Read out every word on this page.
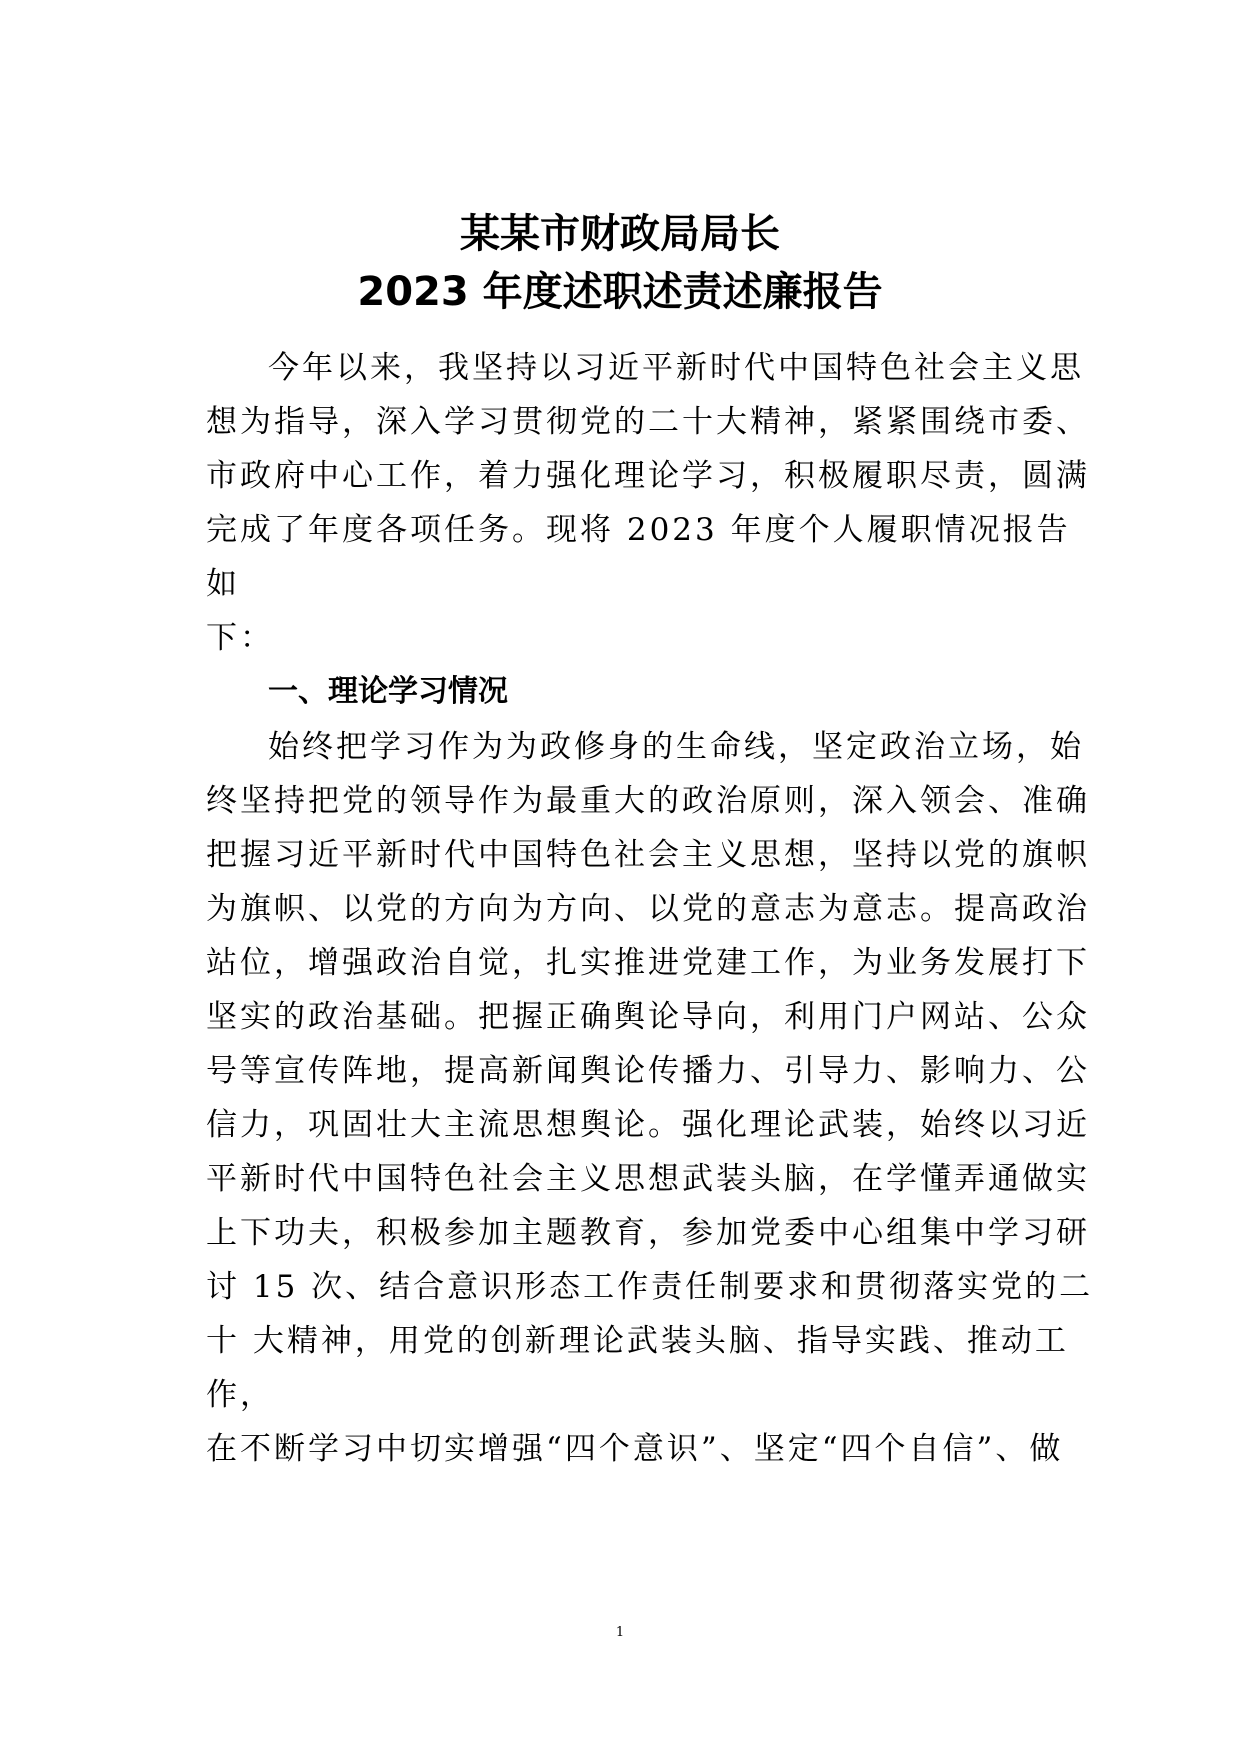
某某市财政局局长
2023 年度述职述责述廉报告
今年以来，我坚持以习近平新时代中国特色社会主义思
想为指导，深入学习贯彻党的二十大精神，紧紧围绕市委、
市政府中心工作，着力强化理论学习，积极履职尽责，圆满
完成了年度各项任务。现将 2023 年度个人履职情况报告
如
下：
一、理论学习情况
始终把学习作为为政修身的生命线，坚定政治立场，始
终坚持把党的领导作为最重大的政治原则，深入领会、准确
把握习近平新时代中国特色社会主义思想，坚持以党的旗帜
为旗帜、以党的方向为方向、以党的意志为意志。提高政治
站位，增强政治自觉，扎实推进党建工作，为业务发展打下
坚实的政治基础。把握正确舆论导向，利用门户网站、公众
号等宣传阵地，提高新闻舆论传播力、引导力、影响力、公
信力，巩固壮大主流思想舆论。强化理论武装，始终以习近
平新时代中国特色社会主义思想武装头脑，在学懂弄通做实
上下功夫，积极参加主题教育，参加党委中心组集中学习研
讨 15 次、结合意识形态工作责任制要求和贯彻落实党的二
十 大精神，用党的创新理论武装头脑、指导实践、推动工
作，
在不断学习中切实增强“四个意识”、坚定“四个自信”、做
1
